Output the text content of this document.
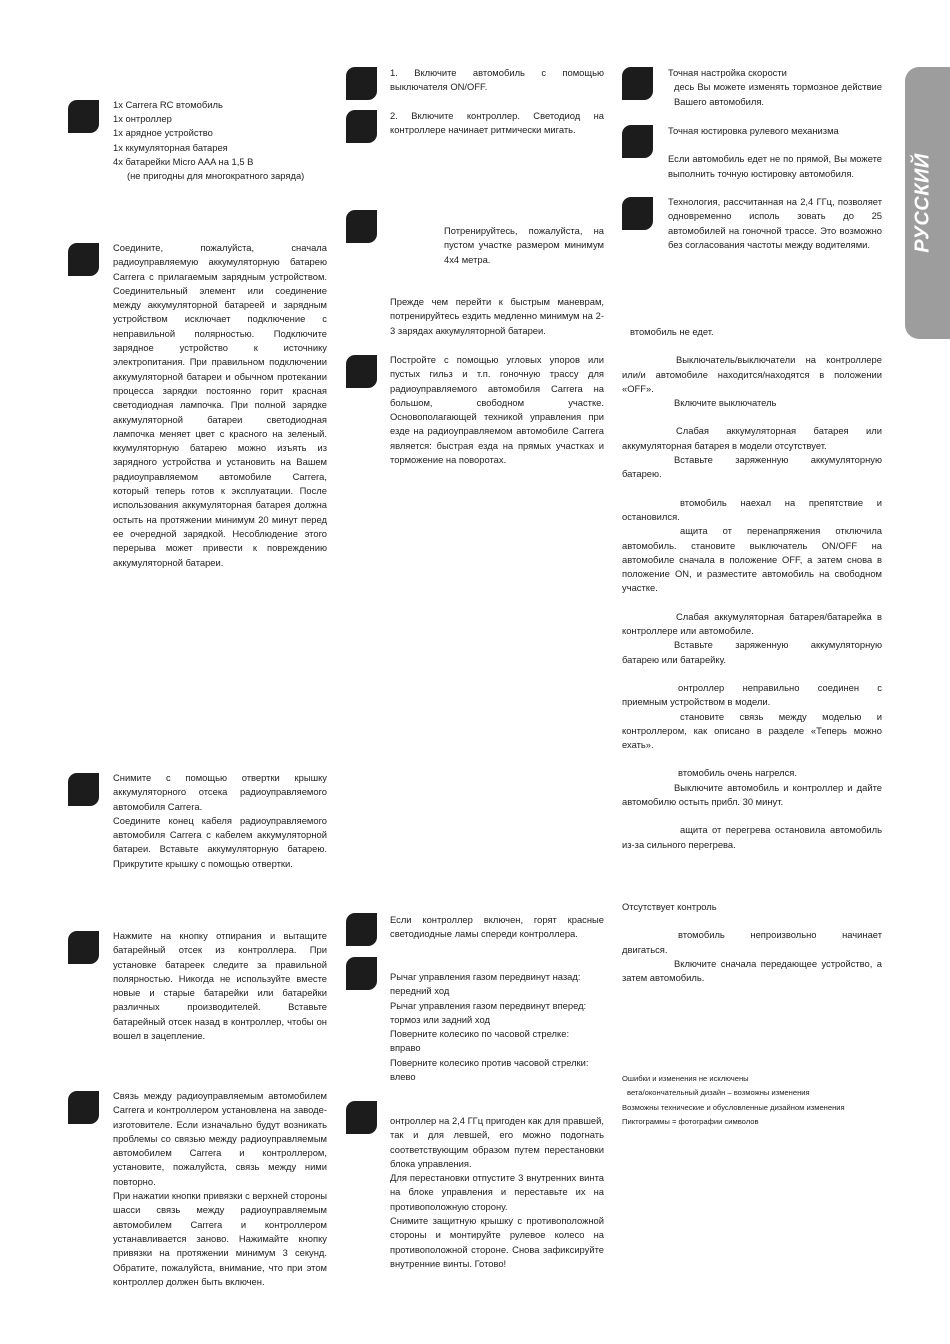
РУССКИЙ

1x Carrera RC втомобиль

1x онтроллер

1x арядное устройство

1x ккумуляторная батарея

4x батарейки Micro AAA на 1,5 В

(не пригодны для многократного заряда)

Соедините, пожалуйста, сначала радиоуправляемую аккумуляторную батарею Carrera с прилагаемым зарядным устройством. Соединительный элемент или соединение между аккумуляторной батареей и зарядным устройством исключает подключение с неправильной полярностью. Подключите зарядное устройство к источнику электропитания. При правильном подключении аккумуляторной батареи и обычном протекании процесса зарядки постоянно горит красная светодиодная лампочка. При полной зарядке аккумуляторной батареи светодиодная лампочка меняет цвет с красного на зеленый. ккумуляторную батарею можно изъять из зарядного устройства и установить на Вашем радиоуправляемом автомобиле Carrera, который теперь готов к эксплуатации. После использования аккумуляторная батарея должна остыть на протяжении минимум 20 минут перед ее очередной зарядкой. Несоблюдение этого перерыва может привести к повреждению аккумуляторной батареи.

Снимите с помощью отвертки крышку аккумуляторного отсека радиоуправляемого автомобиля Carrera.

Соедините конец кабеля радиоуправляемого автомобиля Carrera с кабелем аккумуляторной батареи. Вставьте аккумуляторную батарею. Прикрутите крышку с помощью отвертки.

Нажмите на кнопку отпирания и вытащите батарейный отсек из контроллера. При установке батареек следите за правильной полярностью. Никогда не используйте вместе новые и старые батарейки или батарейки различных производителей. Вставьте батарейный отсек назад в контроллер, чтобы он вошел в зацепление.

Связь между радиоуправляемым автомобилем Carrera и контроллером установлена на заводе-изготовителе. Если изначально будут возникать проблемы со связью между радиоуправляемым автомобилем Carrera и контроллером, установите, пожалуйста, связь между ними повторно.

При нажатии кнопки привязки с верхней стороны шасси связь между радиоуправляемым автомобилем Carrera и контроллером устанавливается заново. Нажимайте кнопку привязки на протяжении минимум 3 секунд. Обратите, пожалуйста, внимание, что при этом контроллер должен быть включен.

1. Включите автомобиль с помощью выключателя ON/OFF.

2. Включите контроллер. Светодиод на контроллере начинает ритмически мигать.

Потренируйтесь, пожалуйста, на пустом участке размером минимум 4x4 метра.

Прежде чем перейти к быстрым маневрам, потренируйтесь ездить медленно минимум на 2-3 зарядах аккумуляторной батареи.

Постройте с помощью угловых упоров или пустых гильз и т.п. гоночную трассу для радиоуправляемого автомобиля Carrera на большом, свободном участке. Основополагающей техникой управления при езде на радиоуправляемом автомобиле Carrera является: быстрая езда на прямых участках и торможение на поворотах.

Если контроллер включен, горят красные светодиодные ламы спереди контроллера.

Рычаг управления газом передвинут назад:

передний ход

Рычаг управления газом передвинут вперед:

тормоз или задний ход

Поверните колесико по часовой стрелке:

вправо

Поверните колесико против часовой стрелки:

влево

онтроллер на 2,4 ГГц пригоден как для правшей, так и для левшей, его можно подогнать соответствующим образом путем перестановки блока управления.

Для перестановки отпустите 3 внутренних винта на блоке управления и переставьте их на противоположную сторону.

Снимите защитную крышку с противоположной стороны и монтируйте рулевое колесо на противоположной стороне. Снова зафиксируйте внутренние винты. Готово!

Точная настройка скорости

десь Вы можете изменять тормозное действие Вашего автомобиля.

Точная юстировка рулевого механизма

Если автомобиль едет не по прямой, Вы можете выполнить точную юстировку автомобиля.

Технология, рассчитанная на 2,4 ГГц, позволяет одновременно исполь зовать до 25 автомобилей на гоночной трассе. Это возможно без согласования частоты между водителями.

втомобиль не едет.

Выключатель/выключатели на контроллере или/и автомобиле находится/находятся в положении «OFF».

Включите выключатель

Слабая аккумуляторная батарея или аккумуляторная батарея в модели отсутствует.

Вставьте заряженную аккумуляторную батарею.

втомобиль наехал на препятствие и остановился.

ащита от перенапряжения отключила автомобиль. становите выключатель ON/OFF на автомобиле сначала в положение OFF, а затем снова в положение ON, и разместите автомобиль на свободном участке.

Слабая аккумуляторная батарея/батарейка в контроллере или автомобиле.

Вставьте заряженную аккумуляторную батарею или батарейку.

онтроллер неправильно соединен с приемным устройством в модели.

становите связь между моделью и контроллером, как описано в разделе «Теперь можно ехать».

втомобиль очень нагрелся.

Выключите автомобиль и контроллер и дайте автомобилю остыть прибл. 30 минут.

ащита от перегрева остановила автомобиль из-за сильного перегрева.

Отсутствует контроль

втомобиль непроизвольно начинает двигаться.

Включите сначала передающее устройство, а затем автомобиль.

Ошибки и изменения не исключены

вета/окончательный дизайн – возможны изменения

Возможны технические и обусловленные дизайном изменения

Пиктограммы = фотографии символов
